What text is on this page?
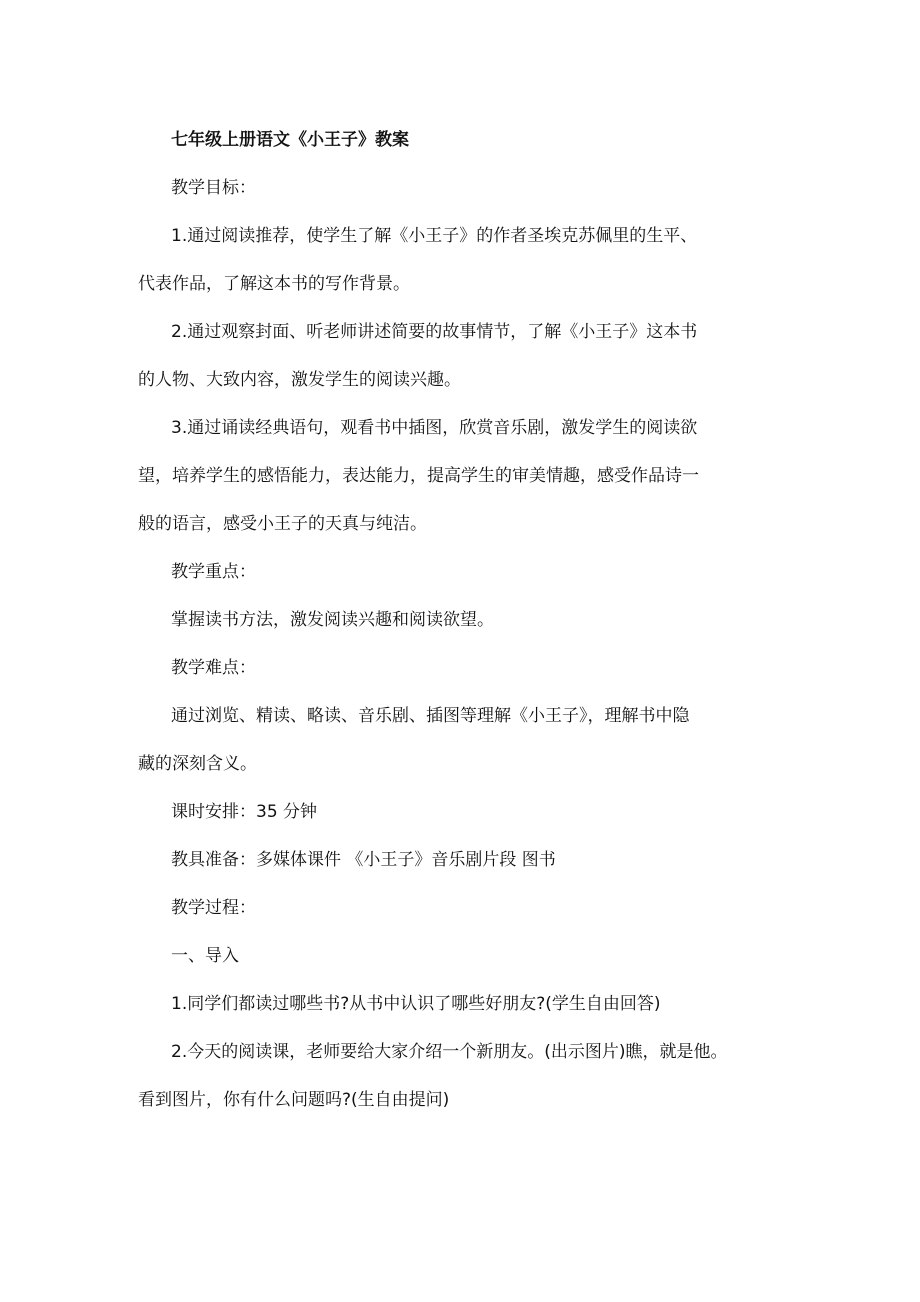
七年级上册语文《小王子》教案
教学目标：
1.通过阅读推荐，使学生了解《小王子》的作者圣埃克苏佩里的生平、
代表作品，了解这本书的写作背景。
2.通过观察封面、听老师讲述简要的故事情节，了解《小王子》这本书
的人物、大致内容，激发学生的阅读兴趣。
3.通过诵读经典语句，观看书中插图，欣赏音乐剧，激发学生的阅读欲
望，培养学生的感悟能力，表达能力，提高学生的审美情趣，感受作品诗一
般的语言，感受小王子的天真与纯洁。
教学重点：
掌握读书方法，激发阅读兴趣和阅读欲望。
教学难点：
通过浏览、精读、略读、音乐剧、插图等理解《小王子》，理解书中隐
藏的深刻含义。
课时安排：35 分钟
教具准备：多媒体课件 《小王子》音乐剧片段 图书
教学过程：
一、导入
1.同学们都读过哪些书?从书中认识了哪些好朋友?(学生自由回答)
2.今天的阅读课，老师要给大家介绍一个新朋友。(出示图片)瞧，就是他。
看到图片，你有什么问题吗?(生自由提问)
